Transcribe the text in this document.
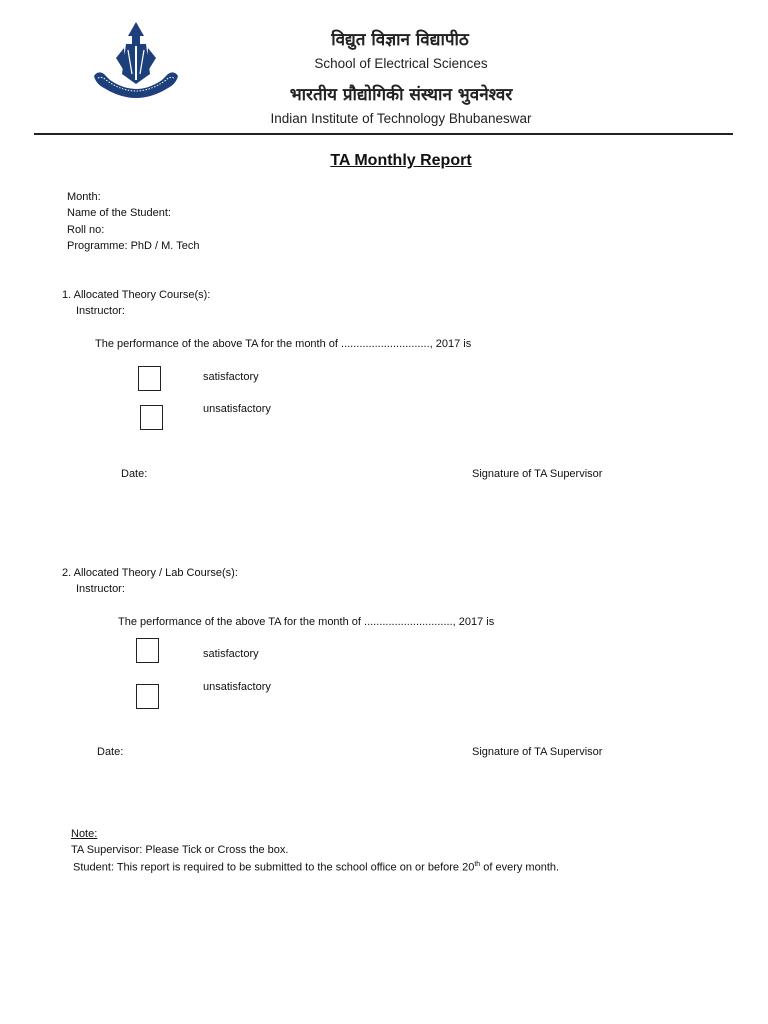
विद्युत विज्ञान विद्यापीठ
School of Electrical Sciences
भारतीय प्रौद्योगिकी संस्थान भुवनेश्वर
Indian Institute of Technology Bhubaneswar
TA Monthly Report
Month:
Name of the Student:
Roll no:
Programme: PhD / M. Tech
1. Allocated Theory Course(s):
Instructor:
The performance of the above TA for the month of ............................., 2017 is
satisfactory
unsatisfactory
Date:	Signature of TA Supervisor
2. Allocated Theory / Lab Course(s):
Instructor:
The performance of the above TA for the month of ............................., 2017 is
satisfactory
unsatisfactory
Date:	Signature of TA Supervisor
Note:
TA Supervisor: Please Tick or Cross the box.
Student: This report is required to be submitted to the school office on or before 20th of every month.
